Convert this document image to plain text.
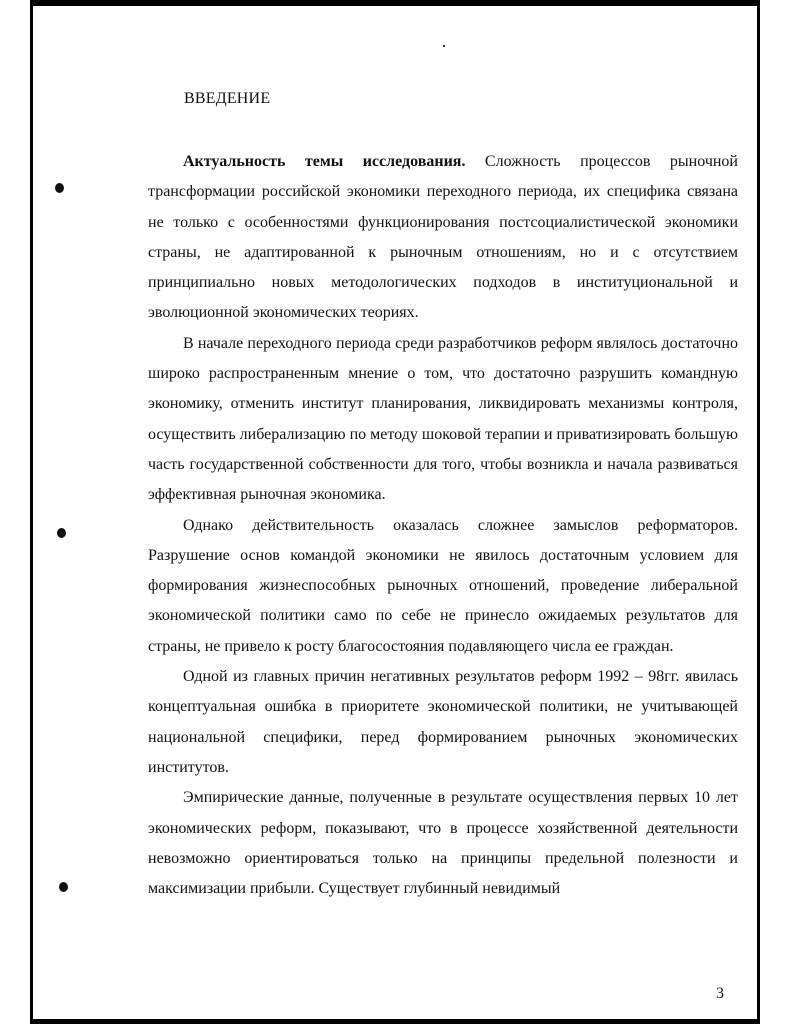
ВВЕДЕНИЕ

Актуальность темы исследования. Сложность процессов рыночной трансформации российской экономики переходного периода, их специфика связана не только с особенностями функционирования постсоциалистической экономики страны, не адаптированной к рыночным отношениям, но и с отсутствием принципиально новых методологических подходов в институциональной и эволюционной экономических теориях.

В начале переходного периода среди разработчиков реформ являлось достаточно широко распространенным мнение о том, что достаточно разрушить командную экономику, отменить институт планирования, ликвидировать механизмы контроля, осуществить либерализацию по методу шоковой терапии и приватизировать большую часть государственной собственности для того, чтобы возникла и начала развиваться эффективная рыночная экономика.

Однако действительность оказалась сложнее замыслов реформаторов. Разрушение основ командой экономики не явилось достаточным условием для формирования жизнеспособных рыночных отношений, проведение либеральной экономической политики само по себе не принесло ожидаемых результатов для страны, не привело к росту благосостояния подавляющего числа ее граждан.

Одной из главных причин негативных результатов реформ 1992 – 98гг. явилась концептуальная ошибка в приоритете экономической политики, не учитывающей национальной специфики, перед формированием рыночных экономических институтов.

Эмпирические данные, полученные в результате осуществления первых 10 лет экономических реформ, показывают, что в процессе хозяйственной деятельности невозможно ориентироваться только на принципы предельной полезности и максимизации прибыли. Существует глубинный невидимый

3
